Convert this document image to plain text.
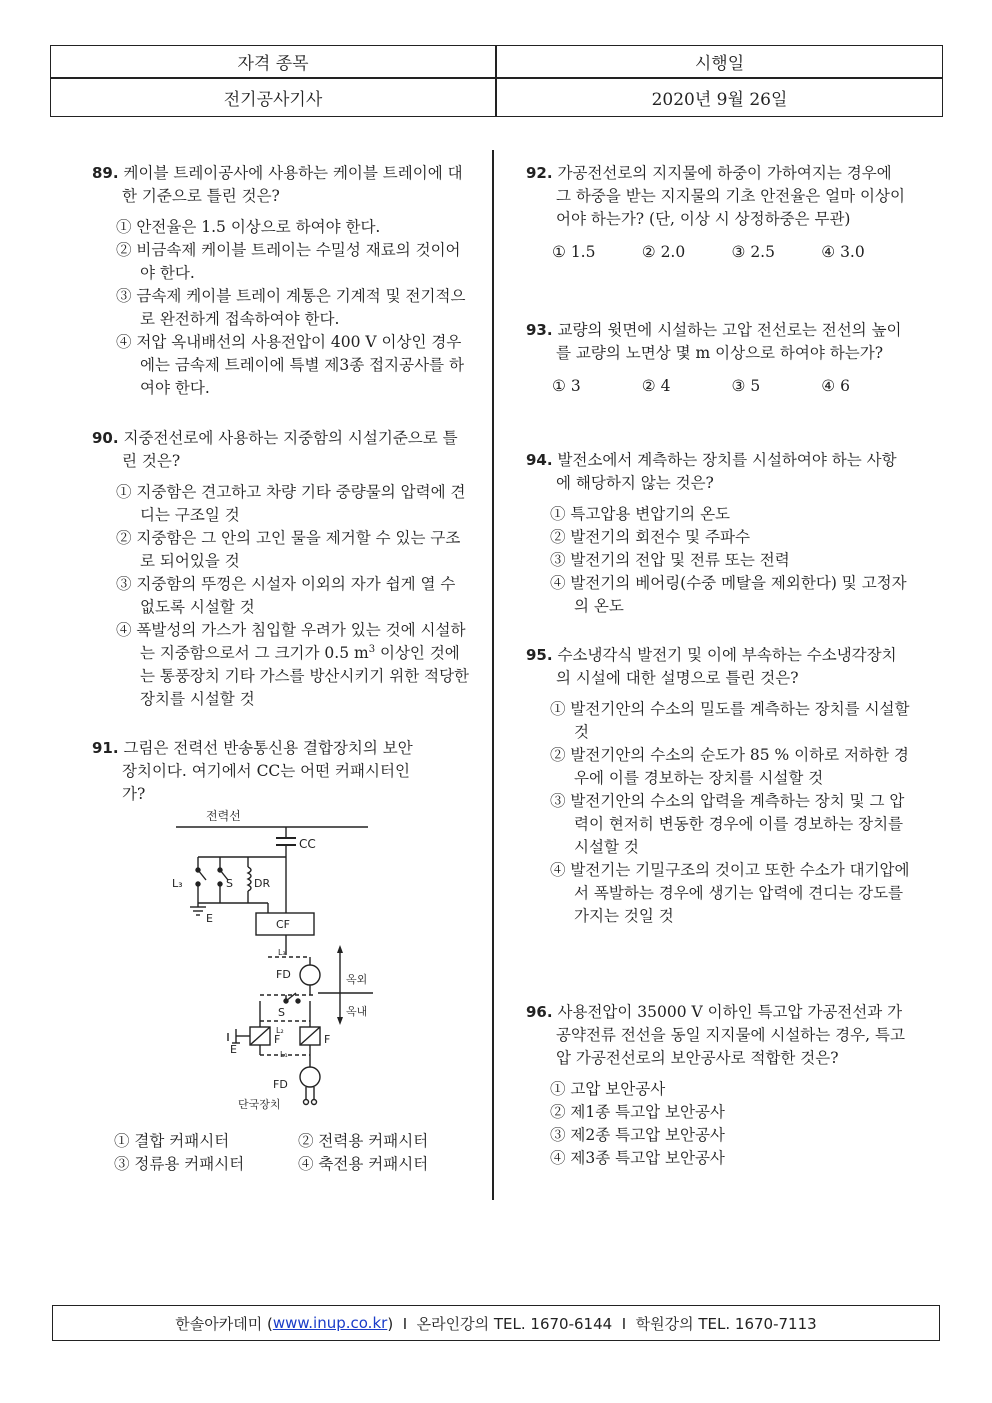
자격 종목	시행일
전기공사기사	2020년 9월 26일
89. 케이블 트레이공사에 사용하는 케이블 트레이에 대한 기준으로 틀린 것은?
① 안전율은 1.5 이상으로 하여야 한다.
② 비금속제 케이블 트레이는 수밀성 재료의 것이어야 한다.
③ 금속제 케이블 트레이 계통은 기계적 및 전기적으로 완전하게 접속하여야 한다.
④ 저압 옥내배선의 사용전압이 400 V 이상인 경우에는 금속제 트레이에 특별 제3종 접지공사를 하여야 한다.
90. 지중전선로에 사용하는 지중함의 시설기준으로 틀린 것은?
① 지중함은 견고하고 차량 기타 중량물의 압력에 견디는 구조일 것
② 지중함은 그 안의 고인 물을 제거할 수 있는 구조로 되어있을 것
③ 지중함의 뚜껑은 시설자 이외의 자가 쉽게 열 수 없도록 시설할 것
④ 폭발성의 가스가 침입할 우려가 있는 것에 시설하는 지중함으로서 그 크기가 0.5 $m^3$ 이상인 것에는 통풍장치 기타 가스를 방산시키기 위한 적당한 장치를 시설할 것
91. 그림은 전력선 반송통신용 결합장치의 보안장치이다. 여기에서 CC는 어떤 커패시터인가?
전력선
CC
L₃
E
S DR
CF
L₃
FD	옥외
옥내
S
L₂
F	F
E	L₁
FD
단국장치
① 결합 커패시터	② 전력용 커패시터
③ 정류용 커패시터	④ 축전용 커패시터
92. 가공전선로의 지지물에 하중이 가하여지는 경우에 그 하중을 받는 지지물의 기초 안전율은 얼마 이상이어야 하는가? (단, 이상 시 상정하중은 무관)
① 1.5	② 2.0	③ 2.5	④ 3.0
93. 교량의 윗면에 시설하는 고압 전선로는 전선의 높이를 교량의 노면상 몇 m 이상으로 하여야 하는가?
① 3	② 4	③ 5	④ 6
94. 발전소에서 계측하는 장치를 시설하여야 하는 사항에 해당하지 않는 것은?
① 특고압용 변압기의 온도
② 발전기의 회전수 및 주파수
③ 발전기의 전압 및 전류 또는 전력
④ 발전기의 베어링(수중 메탈을 제외한다) 및 고정자의 온도
95. 수소냉각식 발전기 및 이에 부속하는 수소냉각장치의 시설에 대한 설명으로 틀린 것은?
① 발전기안의 수소의 밀도를 계측하는 장치를 시설할 것
② 발전기안의 수소의 순도가 85 % 이하로 저하한 경우에 이를 경보하는 장치를 시설할 것
③ 발전기안의 수소의 압력을 계측하는 장치 및 그 압력이 현저히 변동한 경우에 이를 경보하는 장치를 시설할 것
④ 발전기는 기밀구조의 것이고 또한 수소가 대기압에서 폭발하는 경우에 생기는 압력에 견디는 강도를 가지는 것일 것
96. 사용전압이 35000 V 이하인 특고압 가공전선과 가공약전류 전선을 동일 지지물에 시설하는 경우, 특고압 가공전선로의 보안공사로 적합한 것은?
① 고압 보안공사
② 제1종 특고압 보안공사
③ 제2종 특고압 보안공사
④ 제3종 특고압 보안공사
한솔아카데미 ( www.inup.co.kr )  I  온라인강의 TEL. 1670-6144  I  학원강의 TEL. 1670-7113
